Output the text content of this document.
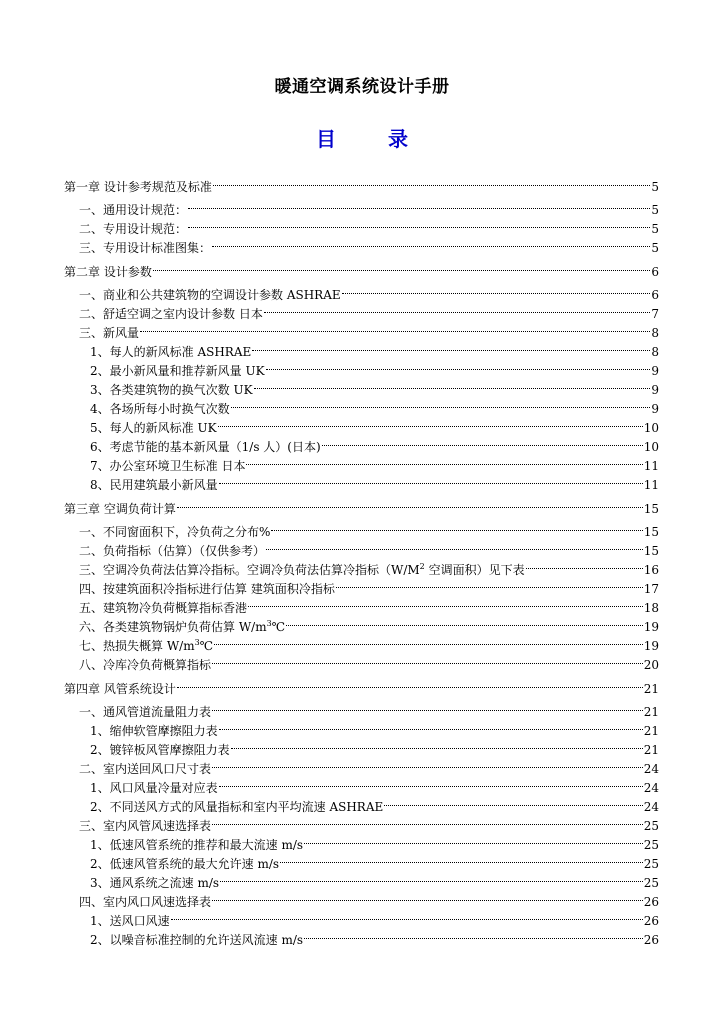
暖通空调系统设计手册
目　录
第一章 设计参考规范及标准	5
一、通用设计规范：	5
二、专用设计规范：	5
三、专用设计标准图集：	5
第二章 设计参数	6
一、商业和公共建筑物的空调设计参数 ASHRAE	6
二、舒适空调之室内设计参数 日本	7
三、新风量	8
1、每人的新风标准 ASHRAE	8
2、最小新风量和推荐新风量 UK	9
3、各类建筑物的换气次数 UK	9
4、各场所每小时换气次数	9
5、每人的新风标准 UK	10
6、考虑节能的基本新风量（1/s 人）(日本)	10
7、办公室环境卫生标准 日本	11
8、民用建筑最小新风量	11
第三章 空调负荷计算	15
一、不同窗面积下，冷负荷之分布%	15
二、负荷指标（估算）（仅供参考）	15
三、空调冷负荷法估算冷指标。空调冷负荷法估算冷指标（$W/M^2$ 空调面积）见下表	16
四、按建筑面积冷指标进行估算 建筑面积冷指标	17
五、建筑物冷负荷概算指标香港	18
六、各类建筑物锅炉负荷估算 $W/m^3℃$	19
七、热损失概算 $W/m^3℃$	19
八、冷库冷负荷概算指标	20
第四章 风管系统设计	21
一、通风管道流量阻力表	21
1、缩伸软管摩擦阻力表	21
2、镀锌板风管摩擦阻力表	21
二、室内送回风口尺寸表	24
1、风口风量冷量对应表	24
2、不同送风方式的风量指标和室内平均流速 ASHRAE	24
三、室内风管风速选择表	25
1、低速风管系统的推荐和最大流速 m/s	25
2、低速风管系统的最大允许速 m/s	25
3、通风系统之流速 m/s	25
四、室内风口风速选择表	26
1、送风口风速	26
2、以噪音标准控制的允许送风流速 m/s	26
